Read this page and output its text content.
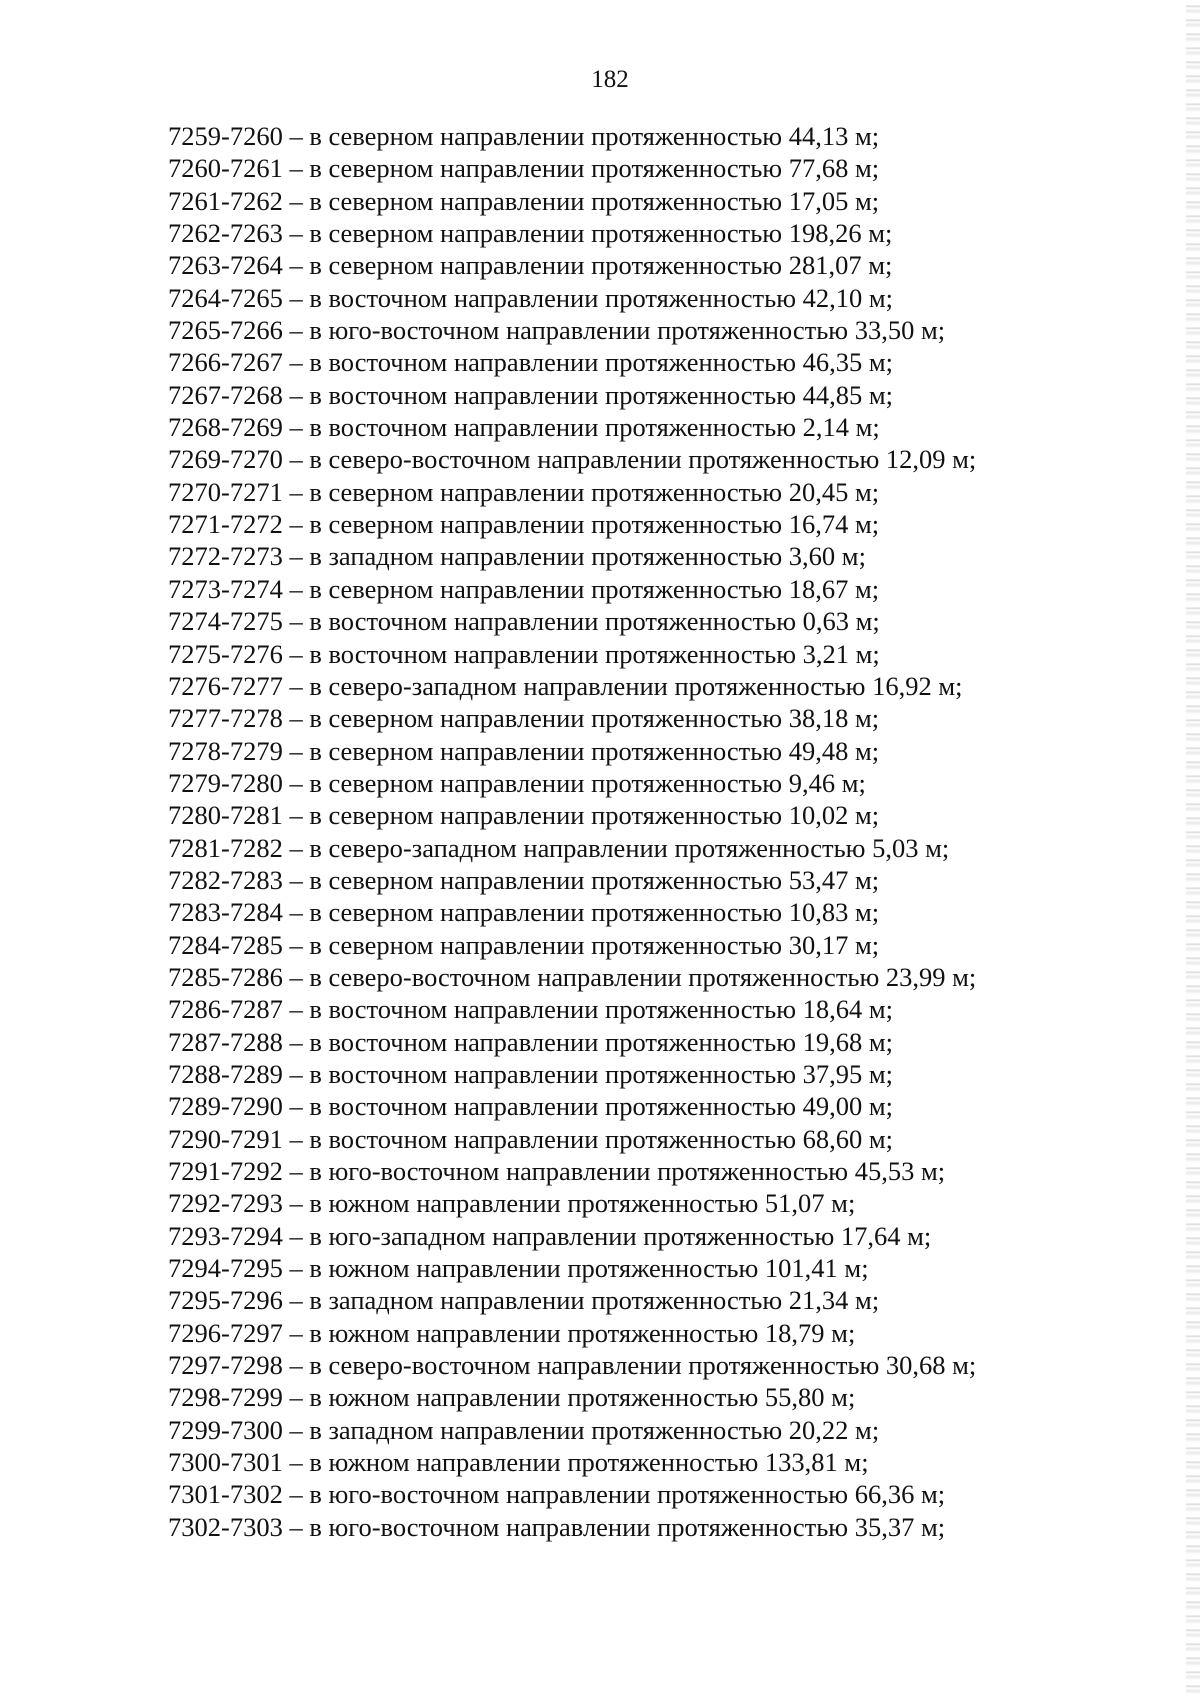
182
7259-7260 – в северном направлении протяженностью 44,13 м;
7260-7261 – в северном направлении протяженностью 77,68 м;
7261-7262 – в северном направлении протяженностью 17,05 м;
7262-7263 – в северном направлении протяженностью 198,26 м;
7263-7264 – в северном направлении протяженностью 281,07 м;
7264-7265 – в восточном направлении протяженностью 42,10 м;
7265-7266 – в юго-восточном направлении протяженностью 33,50 м;
7266-7267 – в восточном направлении протяженностью 46,35 м;
7267-7268 – в восточном направлении протяженностью 44,85 м;
7268-7269 – в восточном направлении протяженностью 2,14 м;
7269-7270 – в северо-восточном направлении протяженностью 12,09 м;
7270-7271 – в северном направлении протяженностью 20,45 м;
7271-7272 – в северном направлении протяженностью 16,74 м;
7272-7273 – в западном направлении протяженностью 3,60 м;
7273-7274 – в северном направлении протяженностью 18,67 м;
7274-7275 – в восточном направлении протяженностью 0,63 м;
7275-7276 – в восточном направлении протяженностью 3,21 м;
7276-7277 – в северо-западном направлении протяженностью 16,92 м;
7277-7278 – в северном направлении протяженностью 38,18 м;
7278-7279 – в северном направлении протяженностью 49,48 м;
7279-7280 – в северном направлении протяженностью 9,46 м;
7280-7281 – в северном направлении протяженностью 10,02 м;
7281-7282 – в северо-западном направлении протяженностью 5,03 м;
7282-7283 – в северном направлении протяженностью 53,47 м;
7283-7284 – в северном направлении протяженностью 10,83 м;
7284-7285 – в северном направлении протяженностью 30,17 м;
7285-7286 – в северо-восточном направлении протяженностью 23,99 м;
7286-7287 – в восточном направлении протяженностью 18,64 м;
7287-7288 – в восточном направлении протяженностью 19,68 м;
7288-7289 – в восточном направлении протяженностью 37,95 м;
7289-7290 – в восточном направлении протяженностью 49,00 м;
7290-7291 – в восточном направлении протяженностью 68,60 м;
7291-7292 – в юго-восточном направлении протяженностью 45,53 м;
7292-7293 – в южном направлении протяженностью 51,07 м;
7293-7294 – в юго-западном направлении протяженностью 17,64 м;
7294-7295 – в южном направлении протяженностью 101,41 м;
7295-7296 – в западном направлении протяженностью 21,34 м;
7296-7297 – в южном направлении протяженностью 18,79 м;
7297-7298 – в северо-восточном направлении протяженностью 30,68 м;
7298-7299 – в южном направлении протяженностью 55,80 м;
7299-7300 – в западном направлении протяженностью 20,22 м;
7300-7301 – в южном направлении протяженностью 133,81 м;
7301-7302 – в юго-восточном направлении протяженностью 66,36 м;
7302-7303 – в юго-восточном направлении протяженностью 35,37 м;
